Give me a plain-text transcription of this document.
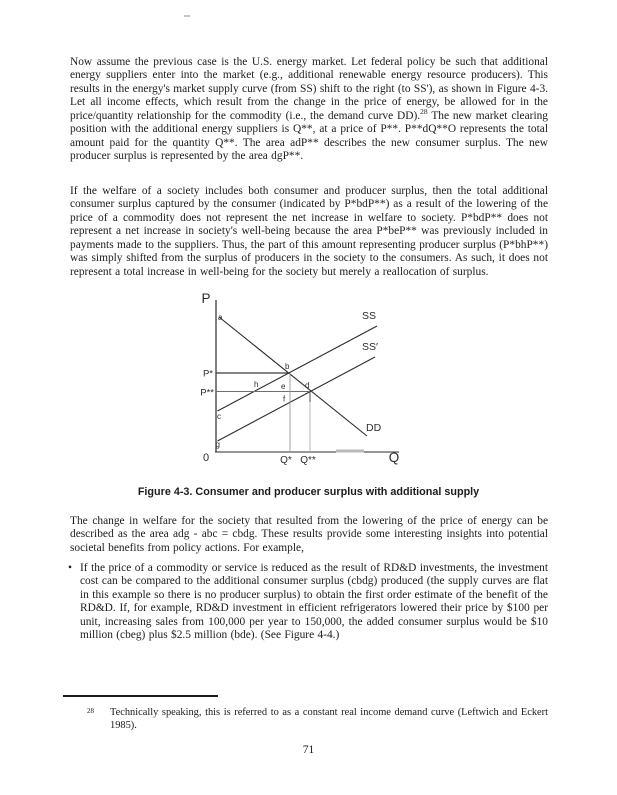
Now assume the previous case is the U.S. energy market. Let federal policy be such that additional energy suppliers enter into the market (e.g., additional renewable energy resource producers). This results in the energy's market supply curve (from SS) shift to the right (to SS'), as shown in Figure 4-3. Let all income effects, which result from the change in the price of energy, be allowed for in the price/quantity relationship for the commodity (i.e., the demand curve DD).$^{28}$ The new market clearing position with the additional energy suppliers is Q**, at a price of P**. P**dQ**O represents the total amount paid for the quantity Q**. The area adP** describes the new consumer surplus. The new producer surplus is represented by the area dgP**.

If the welfare of a society includes both consumer and producer surplus, then the total additional consumer surplus captured by the consumer (indicated by P*bdP**) as a result of the lowering of the price of a commodity does not represent the net increase in welfare to society. P*bdP** does not represent a net increase in society's well-being because the area P*beP** was previously included in payments made to the suppliers. Thus, the part of this amount representing producer surplus (P*bhP**) was simply shifted from the surplus of producers in the society to the consumers. As such, it does not represent a total increase in well-being for the society but merely a reallocation of surplus.

P
Q
0
SS
SS′
DD
P*
P**
Q* Q**
a
b
h	e d
f
c
g
Figure 4-3. Consumer and producer surplus with additional supply

The change in welfare for the society that resulted from the lowering of the price of energy can be described as the area adg - abc = cbdg. These results provide some interesting insights into potential societal benefits from policy actions. For example,

• If the price of a commodity or service is reduced as the result of RD&D investments, the investment cost can be compared to the additional consumer surplus (cbdg) produced (the supply curves are flat in this example so there is no producer surplus) to obtain the first order estimate of the benefit of the RD&D. If, for example, RD&D investment in efficient refrigerators lowered their price by $100 per unit, increasing sales from 100,000 per year to 150,000, the added consumer surplus would be $10 million (cbeg) plus $2.5 million (bde). (See Figure 4-4.)

28 Technically speaking, this is referred to as a constant real income demand curve (Leftwich and Eckert 1985).
71
